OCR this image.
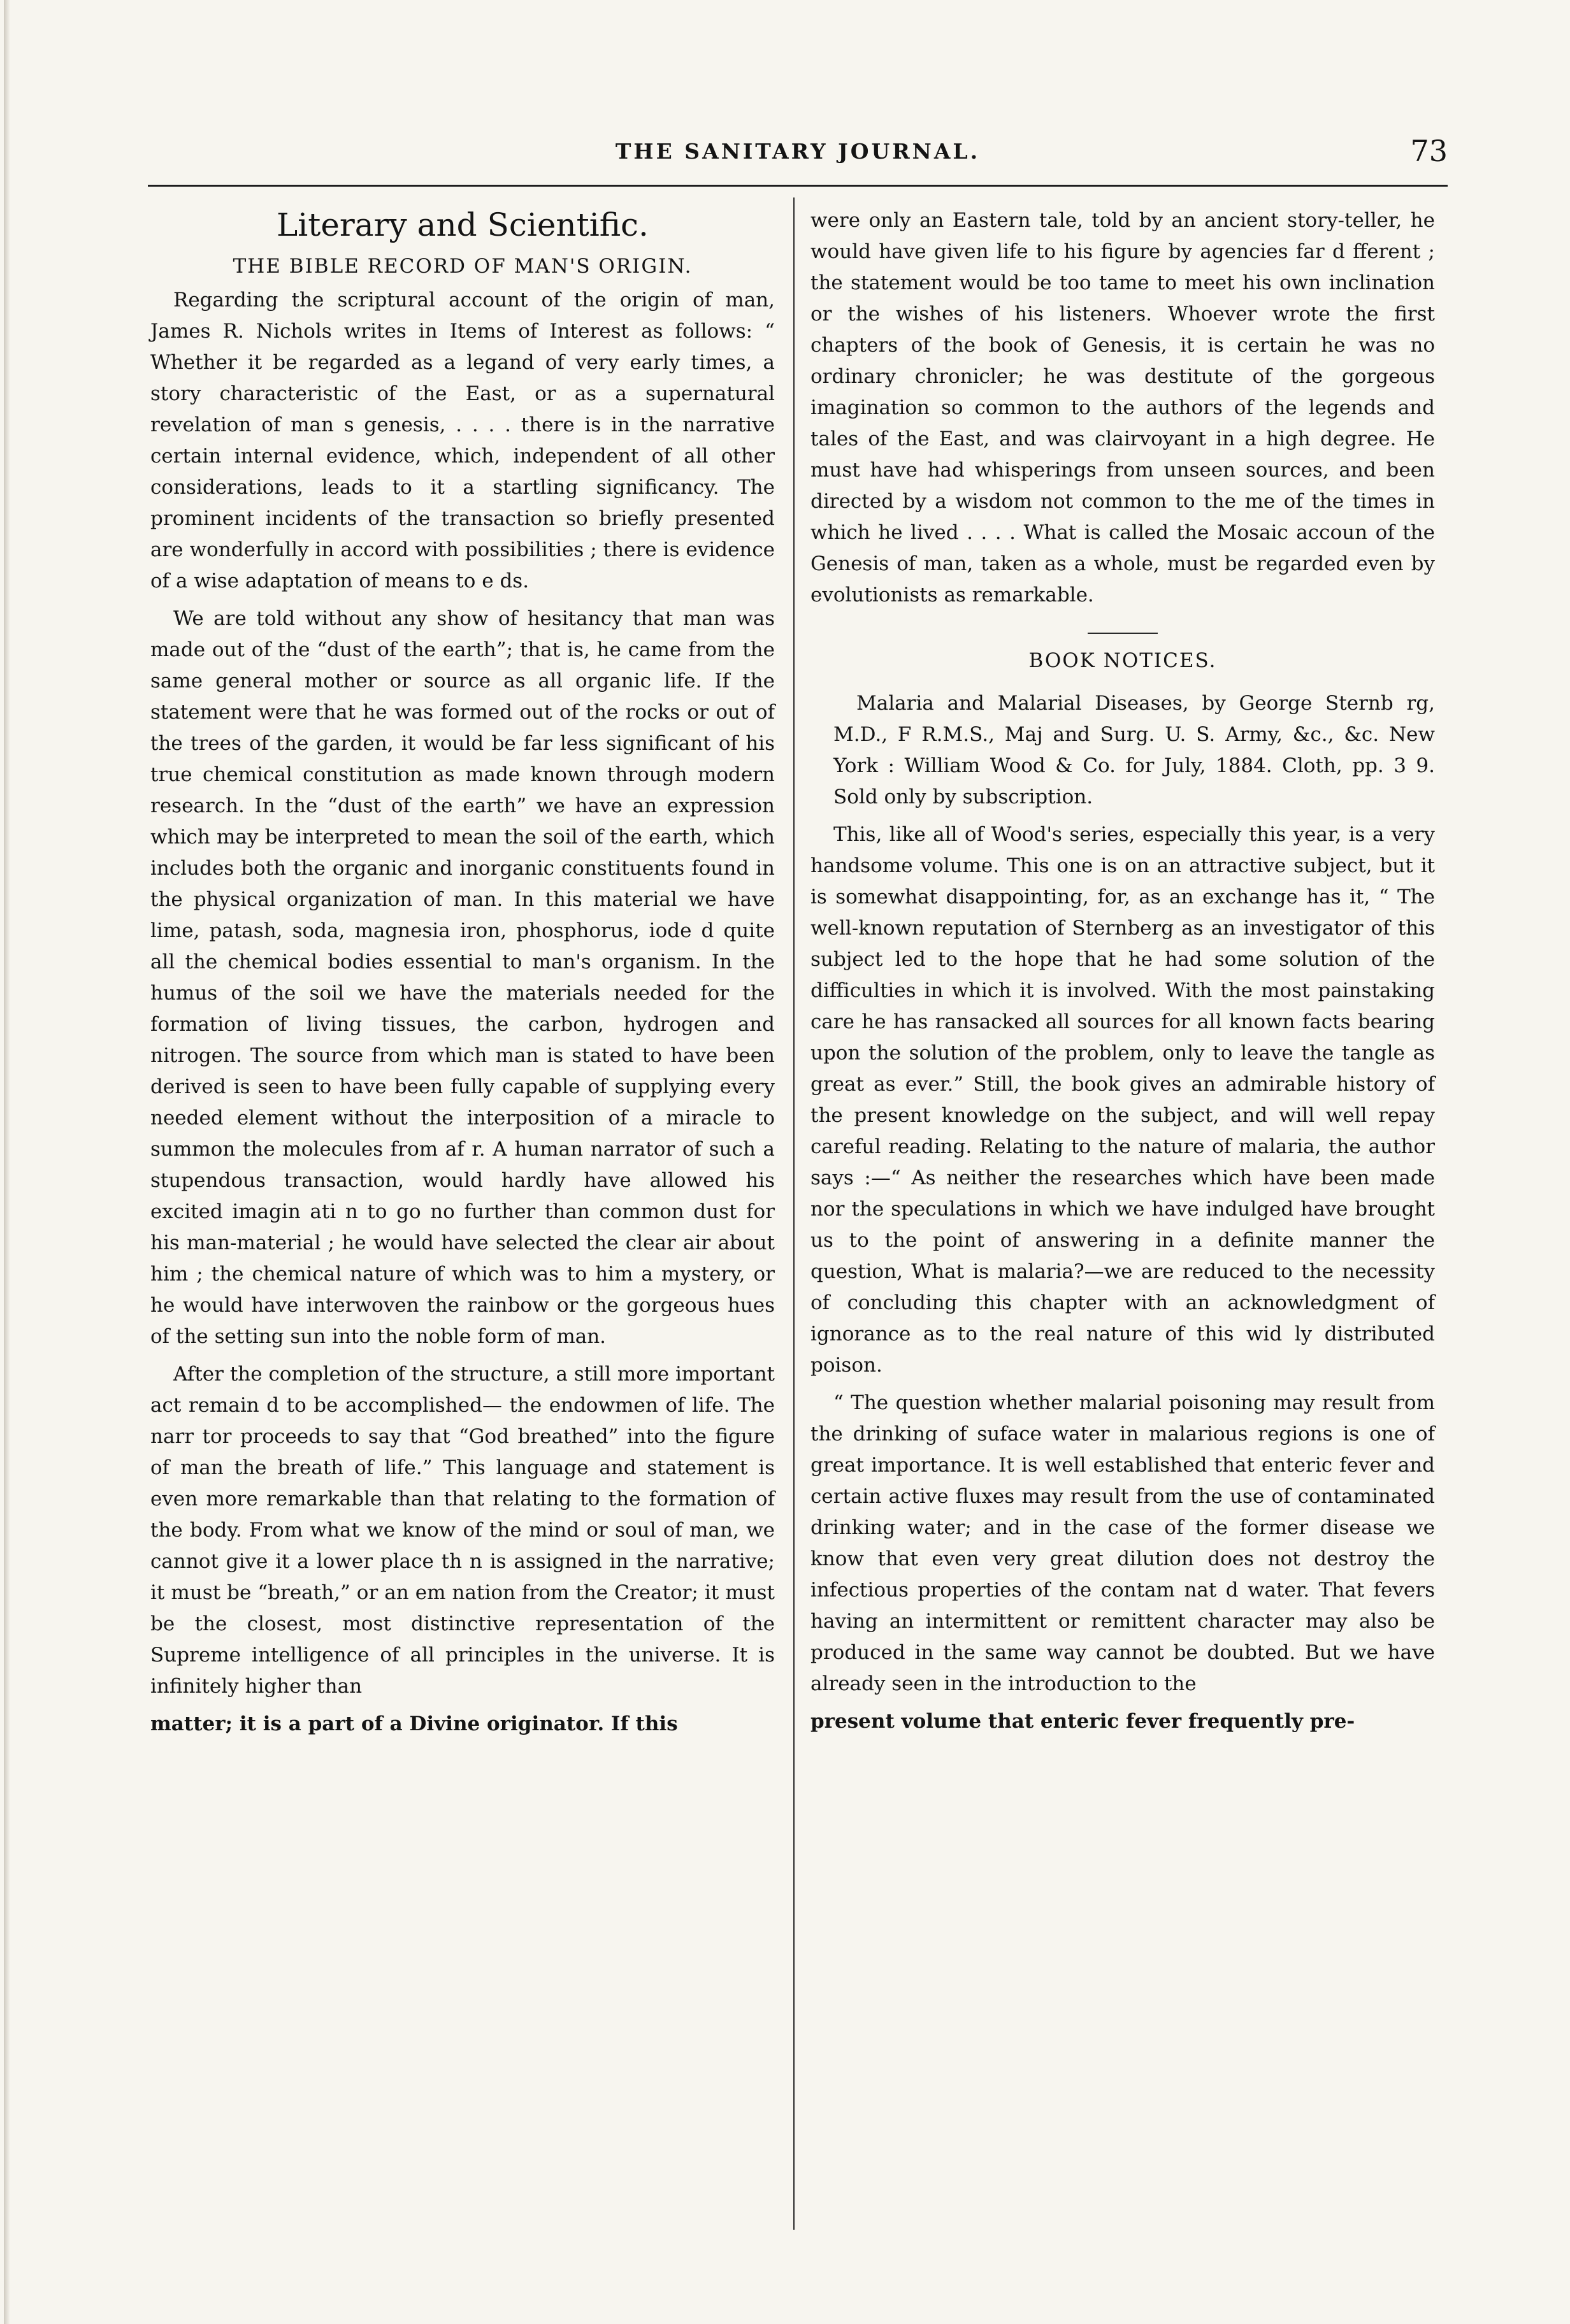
THE SANITARY JOURNAL.	73
Literary and Scientific.
THE BIBLE RECORD OF MAN'S ORIGIN.

Regarding the scriptural account of the origin of man, James R. Nichols writes in Items of Interest as follows: “ Whether it be regarded as a legand of very early times, a story characteristic of the East, or as a supernatural revelation of man s genesis, . . . . there is in the narrative certain internal evidence, which, independent of all other considerations, leads to it a startling significancy. The prominent incidents of the transaction so briefly presented are wonderfully in accord with possibilities ; there is evidence of a wise adaptation of means to e ds.

We are told without any show of hesitancy that man was made out of the “dust of the earth”; that is, he came from the same general mother or source as all organic life. If the statement were that he was formed out of the rocks or out of the trees of the garden, it would be far less significant of his true chemical constitution as made known through modern research. In the “dust of the earth” we have an expression which may be interpreted to mean the soil of the earth, which includes both the organic and inorganic constituents found in the physical organization of man. In this material we have lime, patash, soda, magnesia iron, phosphorus, iode d quite all the chemical bodies essential to man's organism. In the humus of the soil we have the materials needed for the formation of living tissues, the carbon, hydrogen and nitrogen. The source from which man is stated to have been derived is seen to have been fully capable of supplying every needed element without the interposition of a miracle to summon the molecules from af r. A human narrator of such a stupendous transaction, would hardly have allowed his excited imagin ati n to go no further than common dust for his man-material ; he would have selected the clear air about him ; the chemical nature of which was to him a mystery, or he would have interwoven the rainbow or the gorgeous hues of the setting sun into the noble form of man.

After the completion of the structure, a still more important act remain d to be accomplished— the endowmen of life. The narr tor proceeds to say that “God breathed” into the figure of man the breath of life.” This language and statement is even more remarkable than that relating to the formation of the body. From what we know of the mind or soul of man, we cannot give it a lower place th n is assigned in the narrative; it must be “breath,” or an em nation from the Creator; it must be the closest, most distinctive representation of the Supreme intelligence of all principles in the universe. It is infinitely higher than

matter; it is a part of a Divine originator. If this

were only an Eastern tale, told by an ancient story-teller, he would have given life to his figure by agencies far d fferent ; the statement would be too tame to meet his own inclination or the wishes of his listeners. Whoever wrote the first chapters of the book of Genesis, it is certain he was no ordinary chronicler; he was destitute of the gorgeous imagination so common to the authors of the legends and tales of the East, and was clairvoyant in a high degree. He must have had whisperings from unseen sources, and been directed by a wisdom not common to the me of the times in which he lived . . . . What is called the Mosaic accoun of the Genesis of man, taken as a whole, must be regarded even by evolutionists as remarkable.

BOOK NOTICES.

Malaria and Malarial Diseases, by George Sternb rg, M.D., F R.M.S., Maj and Surg. U. S. Army, &c., &c. New York : William Wood & Co. for July, 1884. Cloth, pp. 3 9. Sold only by subscription.

This, like all of Wood's series, especially this year, is a very handsome volume. This one is on an attractive subject, but it is somewhat disappointing, for, as an exchange has it, “ The well-known reputation of Sternberg as an investigator of this subject led to the hope that he had some solution of the difficulties in which it is involved. With the most painstaking care he has ransacked all sources for all known facts bearing upon the solution of the problem, only to leave the tangle as great as ever.” Still, the book gives an admirable history of the present knowledge on the subject, and will well repay careful reading. Relating to the nature of malaria, the author says :—“ As neither the researches which have been made nor the speculations in which we have indulged have brought us to the point of answering in a definite manner the question, What is malaria?—we are reduced to the necessity of concluding this chapter with an acknowledgment of ignorance as to the real nature of this wid ly distributed poison.

“ The question whether malarial poisoning may result from the drinking of suface water in malarious regions is one of great importance. It is well established that enteric fever and certain active fluxes may result from the use of contaminated drinking water; and in the case of the former disease we know that even very great dilution does not destroy the infectious properties of the contam nat d water. That fevers having an intermittent or remittent character may also be produced in the same way cannot be doubted. But we have already seen in the introduction to the

present volume that enteric fever frequently pre-
